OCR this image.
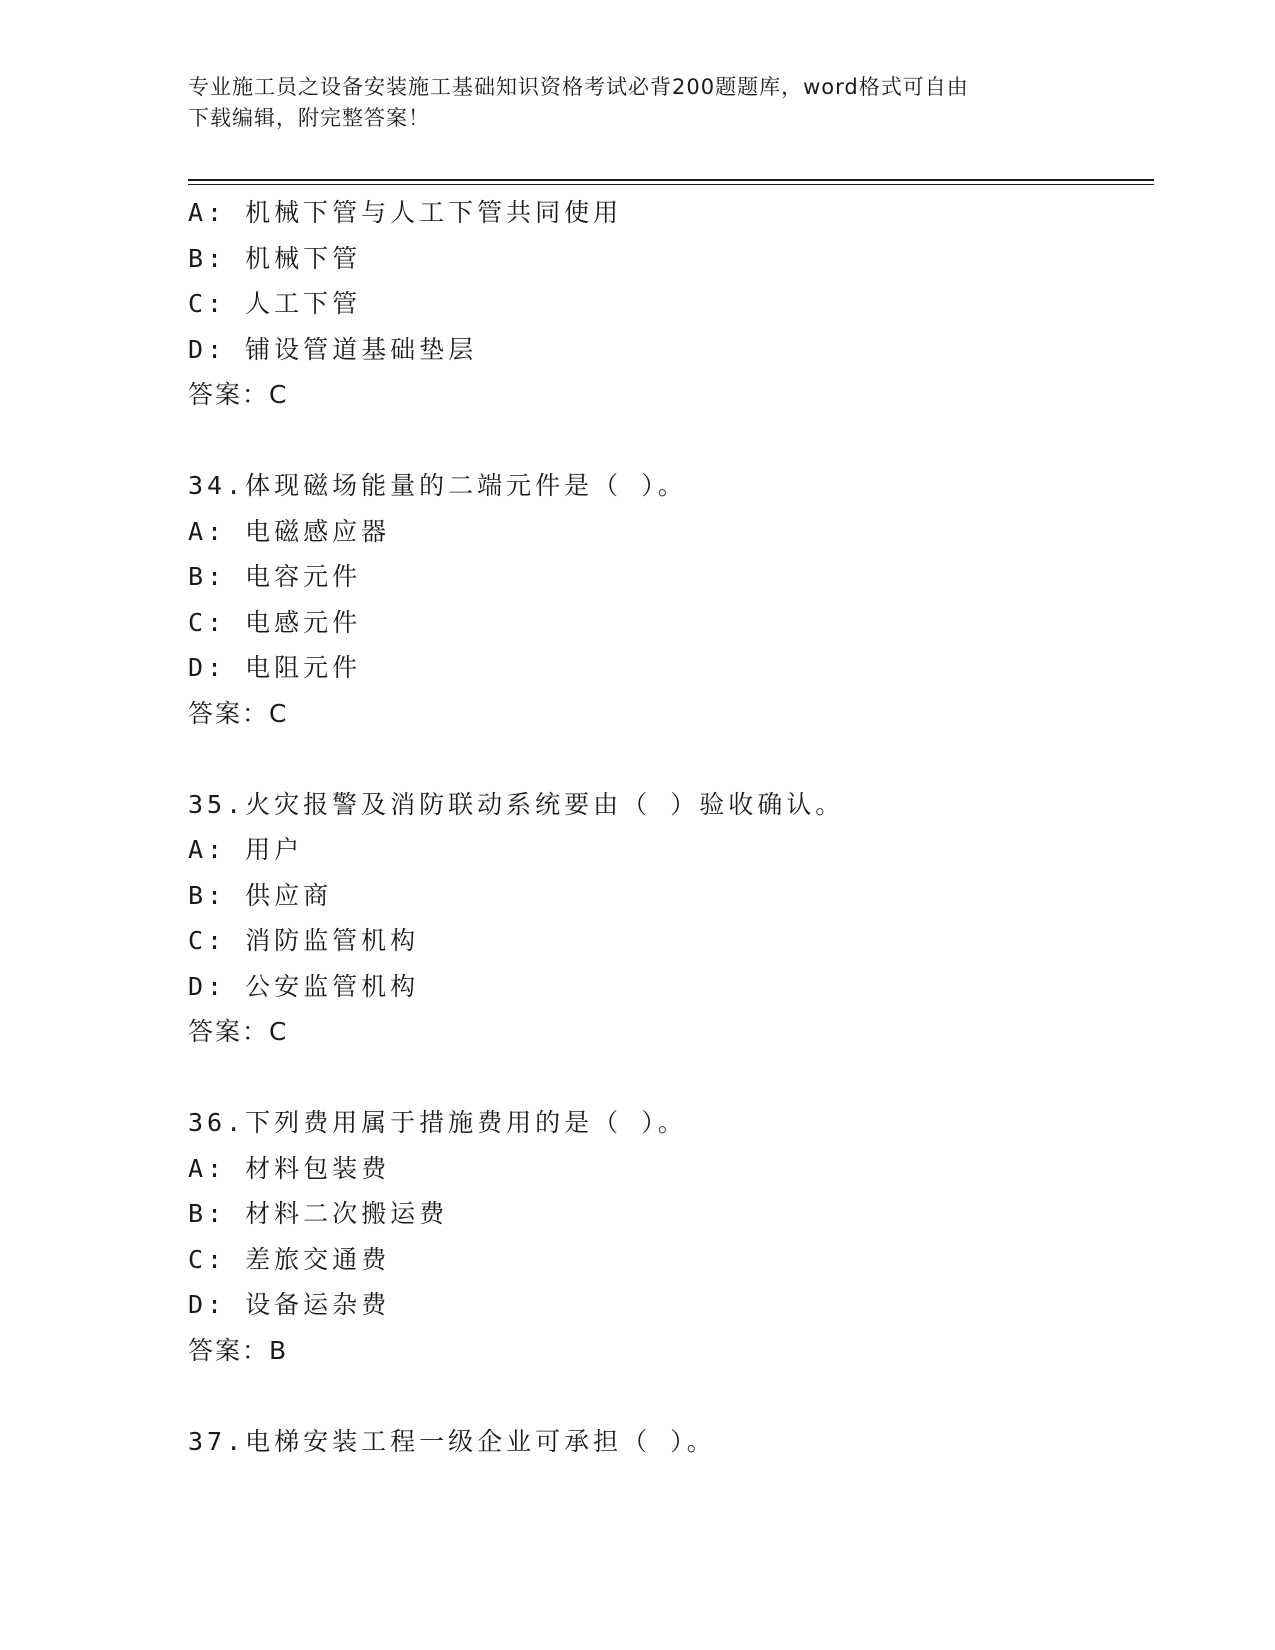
专业施工员之设备安装施工基础知识资格考试必背200题题库，word格式可自由
下载编辑，附完整答案！
A: 机械下管与人工下管共同使用
B: 机械下管
C: 人工下管
D: 铺设管道基础垫层
答案：C
34.体现磁场能量的二端元件是（ ）。
A: 电磁感应器
B: 电容元件
C: 电感元件
D: 电阻元件
答案：C
35.火灾报警及消防联动系统要由（ ）验收确认。
A: 用户
B: 供应商
C: 消防监管机构
D: 公安监管机构
答案：C
36.下列费用属于措施费用的是（ ）。
A: 材料包装费
B: 材料二次搬运费
C: 差旅交通费
D: 设备运杂费
答案：B
37.电梯安装工程一级企业可承担（ ）。
